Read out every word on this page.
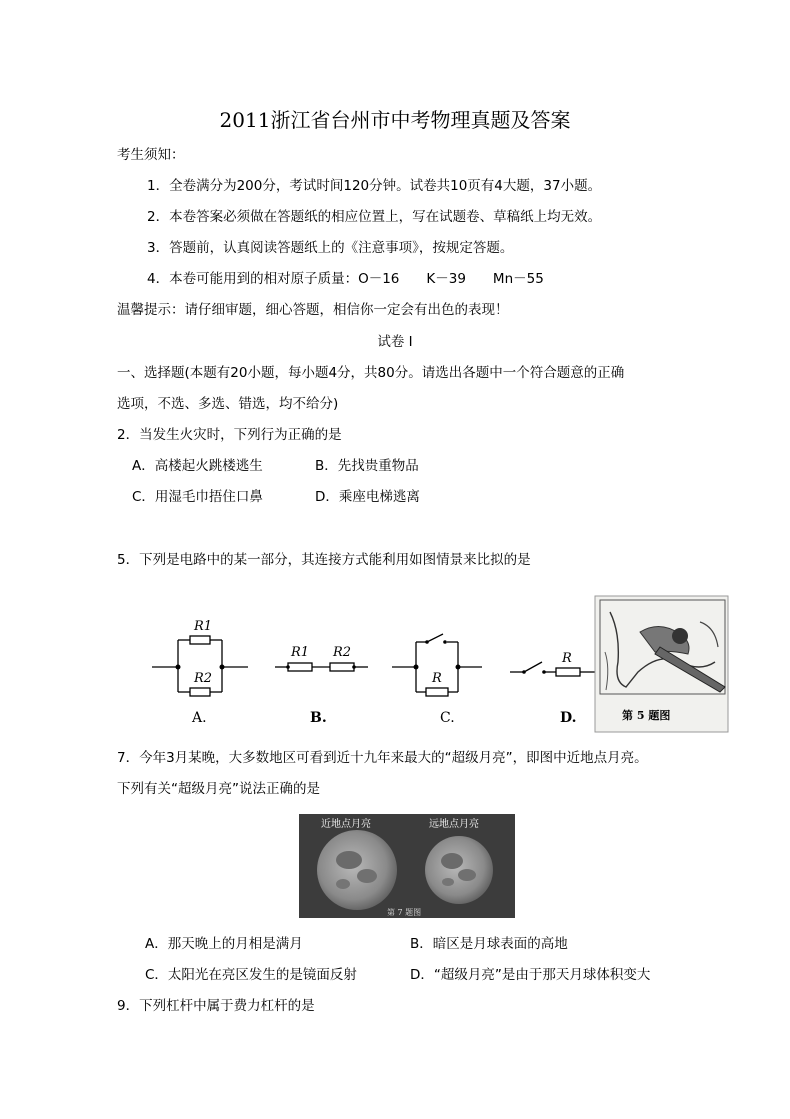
2011浙江省台州市中考物理真题及答案
考生须知：
1．全卷满分为200分，考试时间120分钟。试卷共10页有4大题，37小题。
2．本卷答案必须做在答题纸的相应位置上，写在试题卷、草稿纸上均无效。
3．答题前，认真阅读答题纸上的《注意事项》，按规定答题。
4．本卷可能用到的相对原子质量：O－16　　K－39　　Mn－55
温馨提示：请仔细审题，细心答题，相信你一定会有出色的表现！
试卷 I
一、选择题(本题有20小题，每小题4分，共80分。请选出各题中一个符合题意的正确
选项，不选、多选、错选，均不给分)
2．当发生火灾时，下列行为正确的是
A．高楼起火跳楼逃生	B．先找贵重物品
C．用湿毛巾捂住口鼻	D．乘座电梯逃离
5．下列是电路中的某一部分，其连接方式能利用如图情景来比拟的是
R1
R2
R1 R2
R
R
A.	B.	C.	D.	第 5 题图
7．今年3月某晚，大多数地区可看到近十九年来最大的“超级月亮”，即图中近地点月亮。
下列有关“超级月亮”说法正确的是
近地点月亮	远地点月亮
第 7 题图
A．那天晚上的月相是满月	B．暗区是月球表面的高地
C．太阳光在亮区发生的是镜面反射	D．“超级月亮”是由于那天月球体积变大
9．下列杠杆中属于费力杠杆的是
